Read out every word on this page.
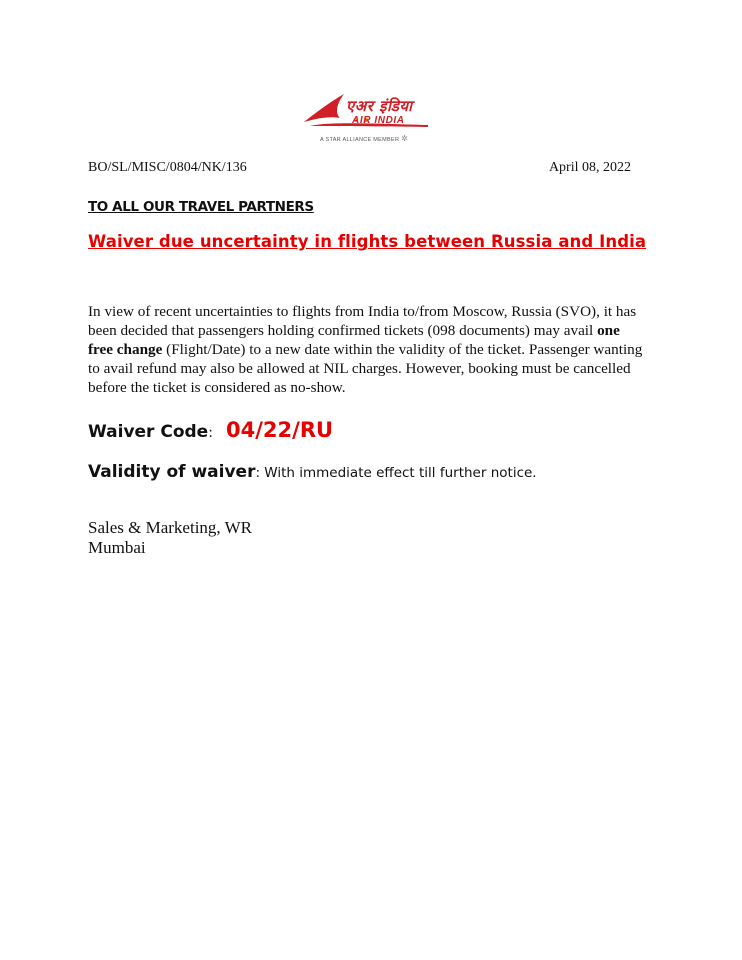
एअर इंडिया
AIR INDIA
A STAR ALLIANCE MEMBER ✲
BO/SL/MISC/0804/NK/136	April 08, 2022
TO ALL OUR TRAVEL PARTNERS
Waiver due uncertainty in flights between Russia and India
In view of recent uncertainties to flights from India to/from Moscow, Russia (SVO), it has been decided that passengers holding confirmed tickets (098 documents) may avail one free change (Flight/Date) to a new date within the validity of the ticket. Passenger wanting to avail refund may also be allowed at NIL charges. However, booking must be cancelled before the ticket is considered as no-show.
Waiver Code: 04/22/RU
Validity of waiver: With immediate effect till further notice.
Sales & Marketing, WR
Mumbai
